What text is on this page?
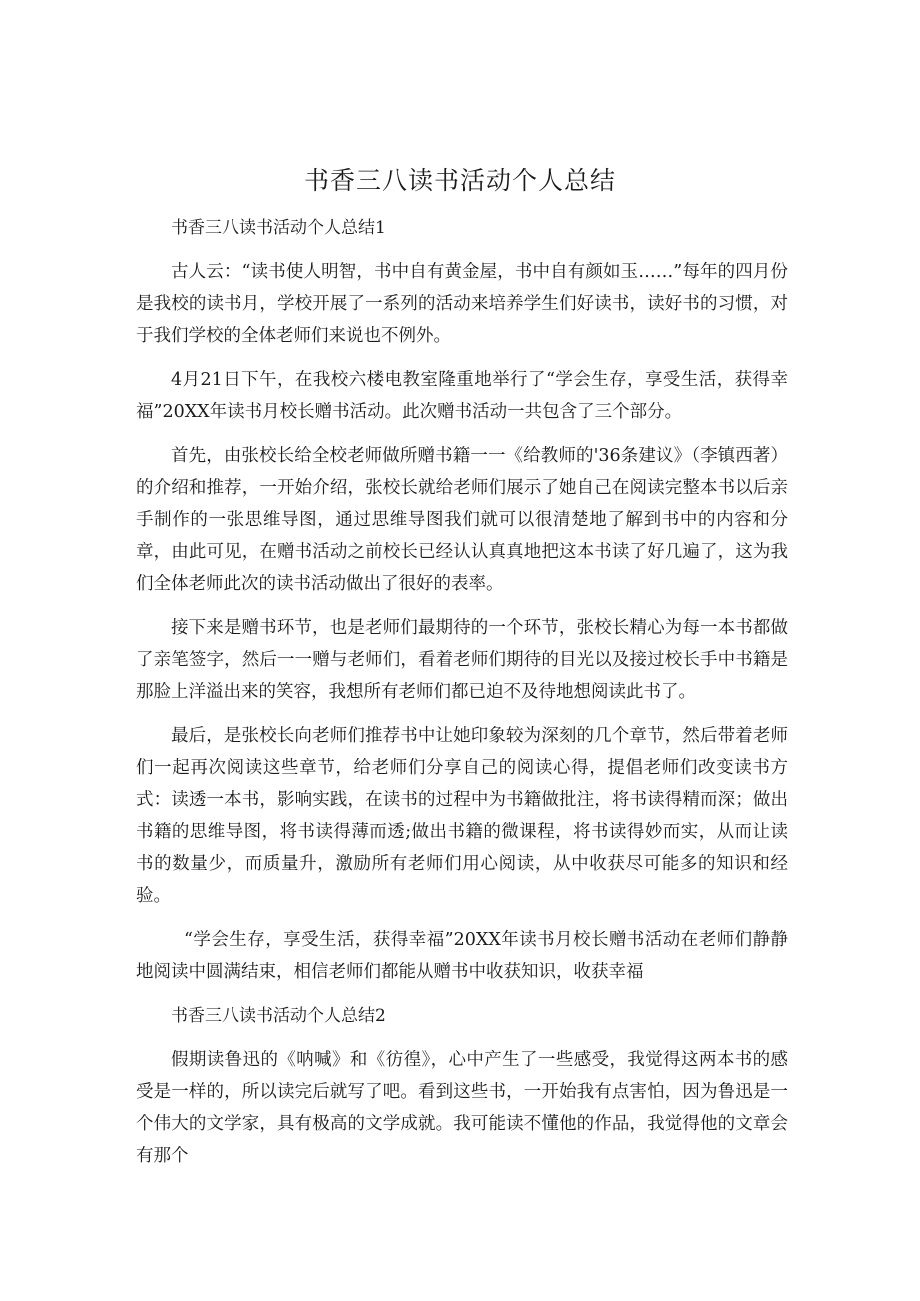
书香三八读书活动个人总结

书香三八读书活动个人总结1

古人云：“读书使人明智，书中自有黄金屋，书中自有颜如玉……”每年的四月份是我校的读书月，学校开展了一系列的活动来培养学生们好读书，读好书的习惯，对于我们学校的全体老师们来说也不例外。

4月21日下午，在我校六楼电教室隆重地举行了“学会生存，享受生活，获得幸福”20XX年读书月校长赠书活动。此次赠书活动一共包含了三个部分。

首先，由张校长给全校老师做所赠书籍一一《给教师的'36条建议》（李镇西著）的介绍和推荐，一开始介绍，张校长就给老师们展示了她自己在阅读完整本书以后亲手制作的一张思维导图，通过思维导图我们就可以很清楚地了解到书中的内容和分章，由此可见，在赠书活动之前校长已经认认真真地把这本书读了好几遍了，这为我们全体老师此次的读书活动做出了很好的表率。

接下来是赠书环节，也是老师们最期待的一个环节，张校长精心为每一本书都做了亲笔签字，然后一一赠与老师们，看着老师们期待的目光以及接过校长手中书籍是那脸上洋溢出来的笑容，我想所有老师们都已迫不及待地想阅读此书了。

最后，是张校长向老师们推荐书中让她印象较为深刻的几个章节，然后带着老师们一起再次阅读这些章节，给老师们分享自己的阅读心得，提倡老师们改变读书方式：读透一本书，影响实践，在读书的过程中为书籍做批注，将书读得精而深；做出书籍的思维导图，将书读得薄而透;做出书籍的微课程，将书读得妙而实，从而让读书的数量少，而质量升，激励所有老师们用心阅读，从中收获尽可能多的知识和经验。

“学会生存，享受生活，获得幸福”20XX年读书月校长赠书活动在老师们静静地阅读中圆满结束，相信老师们都能从赠书中收获知识，收获幸福

书香三八读书活动个人总结2

假期读鲁迅的《呐喊》和《彷徨》，心中产生了一些感受，我觉得这两本书的感受是一样的，所以读完后就写了吧。看到这些书，一开始我有点害怕，因为鲁迅是一个伟大的文学家，具有极高的文学成就。我可能读不懂他的作品，我觉得他的文章会有那个
